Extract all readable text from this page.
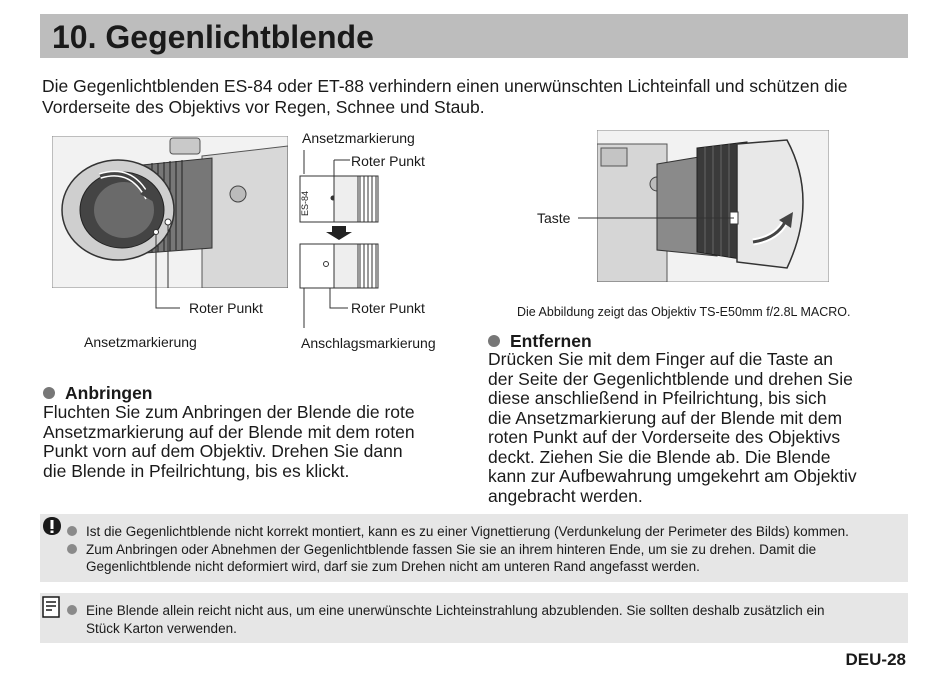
10. Gegenlichtblende
Die Gegenlichtblenden ES-84 oder ET-88 verhindern einen unerwünschten Lichteinfall und schützen die Vorderseite des Objektivs vor Regen, Schnee und Staub.
Roter Punkt
Ansetzmarkierung
Ansetzmarkierung
Roter Punkt
ES-84
Roter Punkt
Anschlagsmarkierung
Taste
Die Abbildung zeigt das Objektiv TS-E50mm f/2.8L MACRO.
Anbringen
Fluchten Sie zum Anbringen der Blende die rote
Ansetzmarkierung auf der Blende mit dem roten
Punkt vorn auf dem Objektiv. Drehen Sie dann
die Blende in Pfeilrichtung, bis es klickt.
Entfernen
Drücken Sie mit dem Finger auf die Taste an
der Seite der Gegenlichtblende und drehen Sie
diese anschließend in Pfeilrichtung, bis sich
die Ansetzmarkierung auf der Blende mit dem
roten Punkt auf der Vorderseite des Objektivs
deckt. Ziehen Sie die Blende ab. Die Blende
kann zur Aufbewahrung umgekehrt am Objektiv
angebracht werden.
Ist die Gegenlichtblende nicht korrekt montiert, kann es zu einer Vignettierung (Verdunkelung der Perimeter des Bilds) kommen.
Zum Anbringen oder Abnehmen der Gegenlichtblende fassen Sie sie an ihrem hinteren Ende, um sie zu drehen. Damit die
Gegenlichtblende nicht deformiert wird, darf sie zum Drehen nicht am unteren Rand angefasst werden.
Eine Blende allein reicht nicht aus, um eine unerwünschte Lichteinstrahlung abzublenden. Sie sollten deshalb zusätzlich ein
Stück Karton verwenden.
DEU-28
